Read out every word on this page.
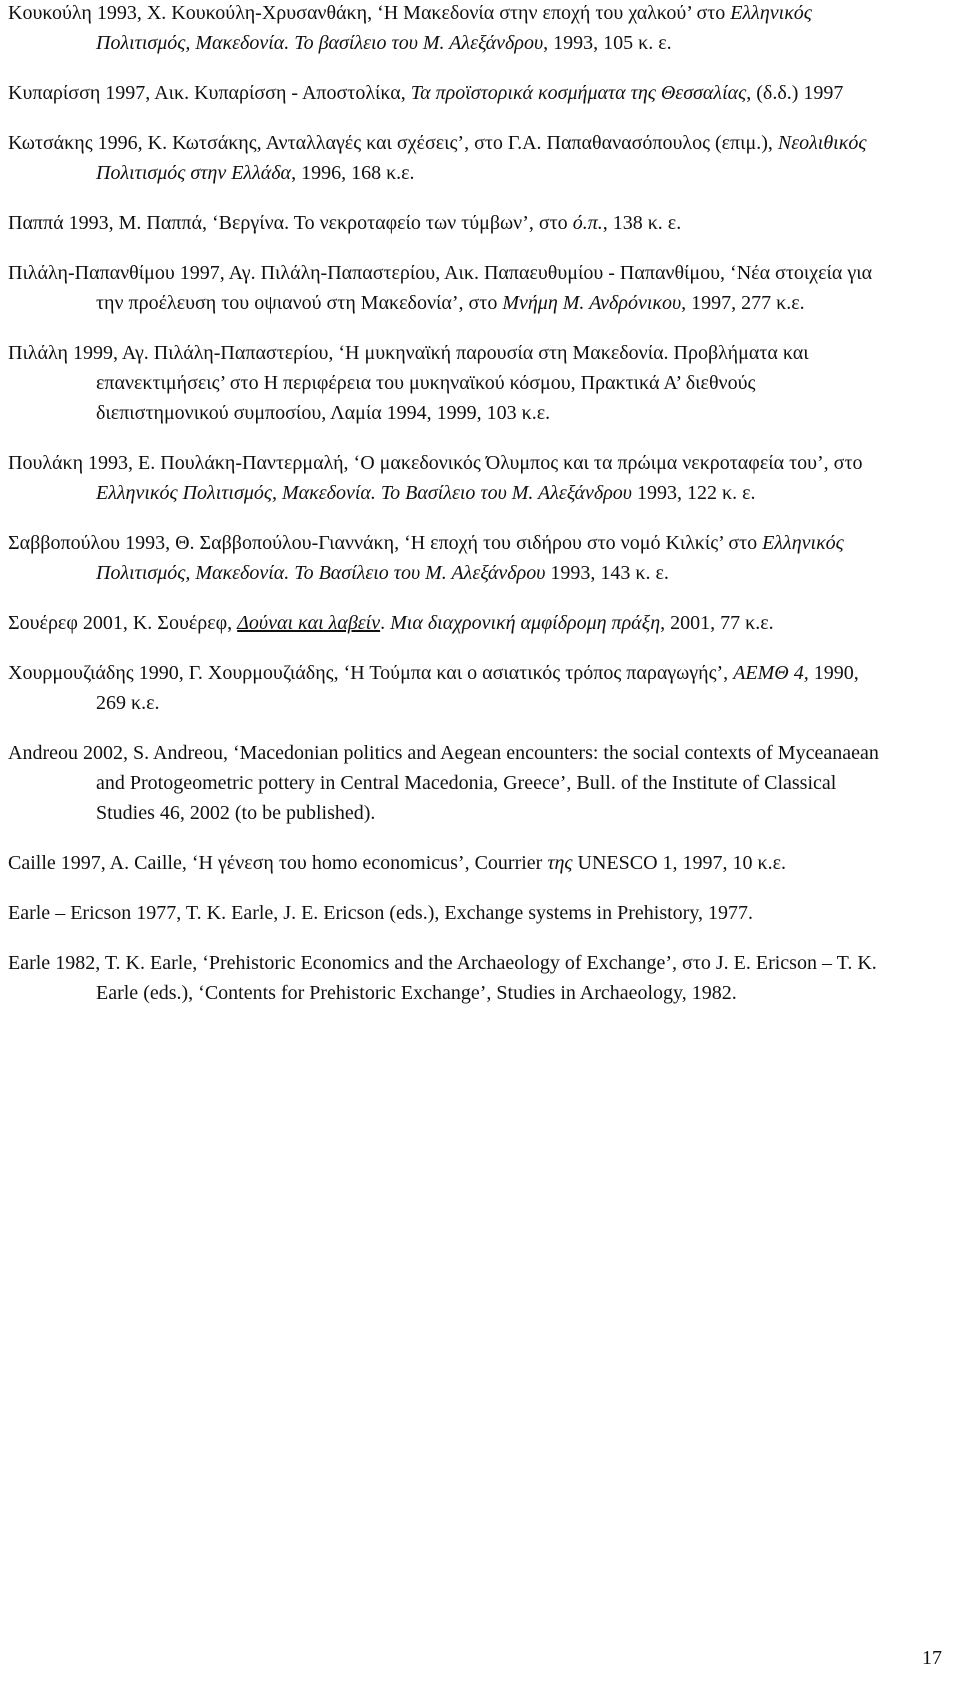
Κουκούλη 1993, Χ. Κουκούλη-Χρυσανθάκη, ‘Η Μακεδονία στην εποχή του χαλκού’ στο Ελληνικός Πολιτισμός, Μακεδονία. Το βασίλειο του Μ. Αλεξάνδρου, 1993, 105 κ. ε.

Κυπαρίσση 1997, Αικ. Κυπαρίσση - Αποστολίκα, Τα προϊστορικά κοσμήματα της Θεσσαλίας, (δ.δ.) 1997

Κωτσάκης 1996, Κ. Κωτσάκης, Ανταλλαγές και σχέσεις’, στο Γ.Α. Παπαθανασόπουλος (επιμ.), Νεολιθικός Πολιτισμός στην Ελλάδα, 1996, 168 κ.ε.

Παππά 1993, Μ. Παππά, ‘Βεργίνα. Το νεκροταφείο των τύμβων’, στο ό.π., 138 κ. ε.

Πιλάλη-Παπανθίμου 1997, Αγ. Πιλάλη-Παπαστερίου, Αικ. Παπαευθυμίου - Παπανθίμου, ‘Νέα στοιχεία για την προέλευση του οψιανού στη Μακεδονία’, στο Μνήμη Μ. Ανδρόνικου, 1997, 277 κ.ε.

Πιλάλη 1999, Αγ. Πιλάλη-Παπαστερίου, ‘Η μυκηναϊκή παρουσία στη Μακεδονία. Προβλήματα και επανεκτιμήσεις’ στο Η περιφέρεια του μυκηναϊκού κόσμου, Πρακτικά Α’ διεθνούς διεπιστημονικού συμποσίου, Λαμία 1994, 1999, 103 κ.ε.

Πουλάκη 1993, Ε. Πουλάκη-Παντερμαλή, ‘Ο μακεδονικός Όλυμπος και τα πρώιμα νεκροταφεία του’, στο Ελληνικός Πολιτισμός, Μακεδονία. Το Βασίλειο του Μ. Αλεξάνδρου 1993, 122 κ. ε.

Σαββοπούλου 1993, Θ. Σαββοπούλου-Γιαννάκη, ‘Η εποχή του σιδήρου στο νομό Κιλκίς’ στο Ελληνικός Πολιτισμός, Μακεδονία. Το Βασίλειο του Μ. Αλεξάνδρου 1993, 143 κ. ε.

Σουέρεφ 2001, Κ. Σουέρεφ, Δούναι και λαβείν. Μια διαχρονική αμφίδρομη πράξη, 2001, 77 κ.ε.

Χουρμουζιάδης 1990, Γ. Χουρμουζιάδης, ‘Η Τούμπα και ο ασιατικός τρόπος παραγωγής’, ΑΕΜΘ 4, 1990, 269 κ.ε.

Andreou 2002, S. Andreou, ‘Macedonian politics and Aegean encounters: the social contexts of Myceanaean and Protogeometric pottery in Central Macedonia, Greece’, Bull. of the Institute of Classical Studies 46, 2002 (to be published).

Caille 1997, A. Caille, ‘Η γένεση του homo economicus’, Courrier της UNESCO 1, 1997, 10 κ.ε.

Earle – Ericson 1977, T. K. Earle, J. E. Ericson (eds.), Exchange systems in Prehistory, 1977.

Earle 1982, T. K. Earle, ‘Prehistoric Economics and the Archaeology of Exchange’, στο J. E. Ericson – T. K. Earle (eds.), ‘Contents for Prehistoric Exchange’, Studies in Archaeology, 1982.

17
